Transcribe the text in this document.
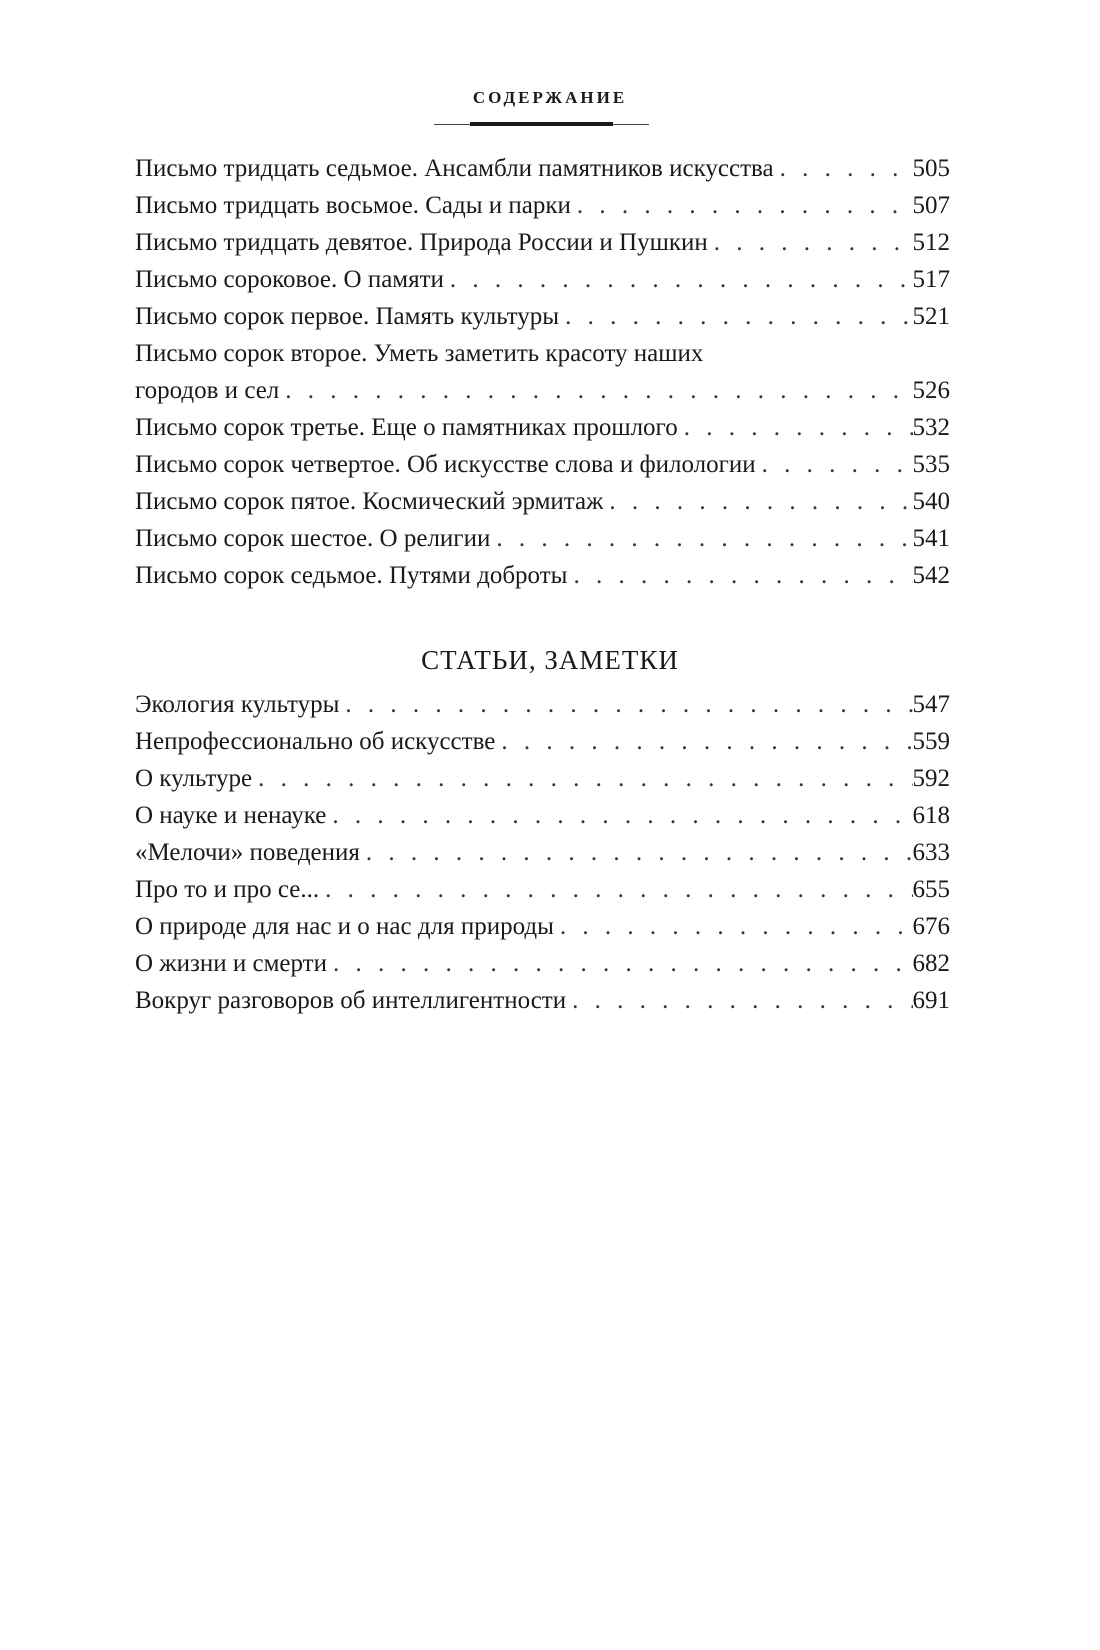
СОДЕРЖАНИЕ
Письмо тридцать седьмое. Ансамбли памятников искусства . . .	505
Письмо тридцать восьмое. Сады и парки . . .	507
Письмо тридцать девятое. Природа России и Пушкин . . .	512
Письмо сороковое. О памяти . . .	517
Письмо сорок первое. Память культуры . . .	521
Письмо сорок второе. Уметь заметить красоту наших
городов и сел . . .	526
Письмо сорок третье. Еще о памятниках прошлого . . .	532
Письмо сорок четвертое. Об искусстве слова и филологии . . .	535
Письмо сорок пятое. Космический эрмитаж . . .	540
Письмо сорок шестое. О религии . . .	541
Письмо сорок седьмое. Путями доброты . . .	542
СТАТЬИ, ЗАМЕТКИ
Экология культуры . . .	547
Непрофессионально об искусстве . . .	559
О культуре . . .	592
О науке и ненауке . . .	618
«Мелочи» поведения . . .	633
Про то и про се... . . .	655
О природе для нас и о нас для природы . . .	676
О жизни и смерти . . .	682
Вокруг разговоров об интеллигентности . . .	691
